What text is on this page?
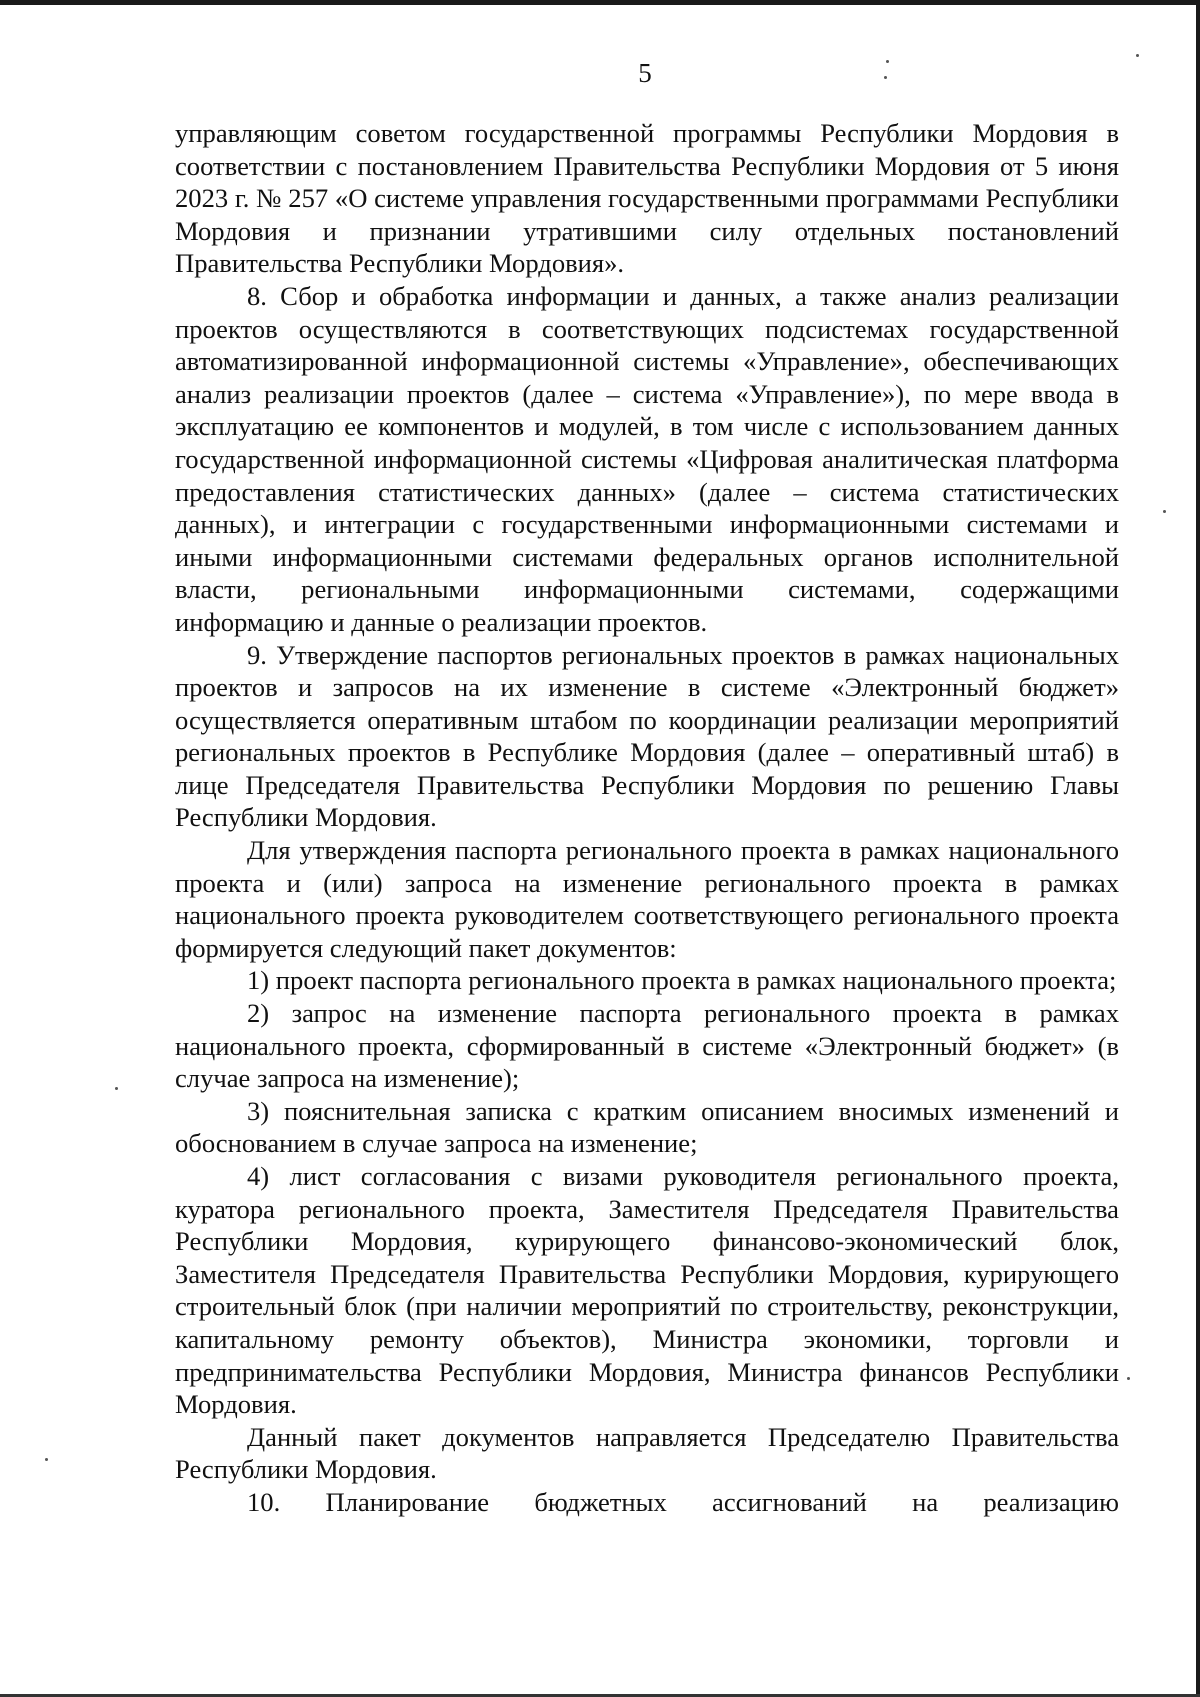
5

управляющим советом государственной программы Республики Мордовия в соответствии с постановлением Правительства Республики Мордовия от 5 июня 2023 г. № 257 «О системе управления государственными программами Республики Мордовия и признании утратившими силу отдельных постановлений Правительства Республики Мордовия».

8. Сбор и обработка информации и данных, а также анализ реализации проектов осуществляются в соответствующих подсистемах государственной автоматизированной информационной системы «Управление», обеспечивающих анализ реализации проектов (далее – система «Управление»), по мере ввода в эксплуатацию ее компонентов и модулей, в том числе с использованием данных государственной информационной системы «Цифровая аналитическая платформа предоставления статистических данных» (далее – система статистических данных), и интеграции с государственными информационными системами и иными информационными системами федеральных органов исполнительной власти, региональными информационными системами, содержащими информацию и данные о реализации проектов.

9. Утверждение паспортов региональных проектов в рамках национальных проектов и запросов на их изменение в системе «Электронный бюджет» осуществляется оперативным штабом по координации реализации мероприятий региональных проектов в Республике Мордовия (далее – оперативный штаб) в лице Председателя Правительства Республики Мордовия по решению Главы Республики Мордовия.

Для утверждения паспорта регионального проекта в рамках национального проекта и (или) запроса на изменение регионального проекта в рамках национального проекта руководителем соответствующего регионального проекта формируется следующий пакет документов:

1) проект паспорта регионального проекта в рамках национального проекта;

2) запрос на изменение паспорта регионального проекта в рамках национального проекта, сформированный в системе «Электронный бюджет» (в случае запроса на изменение);

3) пояснительная записка с кратким описанием вносимых изменений и обоснованием в случае запроса на изменение;

4) лист согласования с визами руководителя регионального проекта, куратора регионального проекта, Заместителя Председателя Правительства Республики Мордовия, курирующего финансово-экономический блок, Заместителя Председателя Правительства Республики Мордовия, курирующего строительный блок (при наличии мероприятий по строительству, реконструкции, капитальному ремонту объектов), Министра экономики, торговли и предпринимательства Республики Мордовия, Министра финансов Республики Мордовия.

Данный пакет документов направляется Председателю Правительства Республики Мордовия.

10. Планирование бюджетных ассигнований на реализацию
